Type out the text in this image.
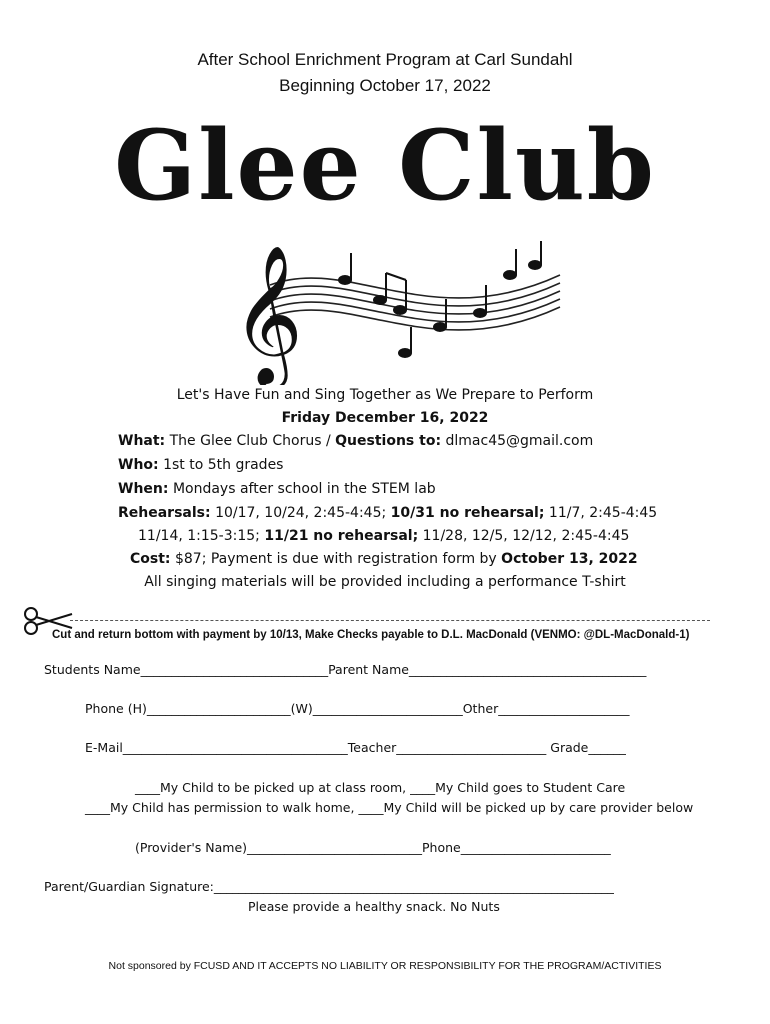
After School Enrichment Program at Carl Sundahl
Beginning October 17, 2022
Glee Club
𝄞
Let's Have Fun and Sing Together as We Prepare to Perform
Friday December 16, 2022
What: The Glee Club Chorus / Questions to: dlmac45@gmail.com
Who: 1st to 5th grades
When: Mondays after school in the STEM lab
Rehearsals: 10/17, 10/24, 2:45-4:45; 10/31 no rehearsal; 11/7, 2:45-4:45
11/14, 1:15-3:15; 11/21 no rehearsal; 11/28, 12/5, 12/12, 2:45-4:45
Cost: $87; Payment is due with registration form by October 13, 2022
All singing materials will be provided including a performance T-shirt
Cut and return bottom with payment by 10/13, Make Checks payable to D.L. MacDonald (VENMO: @DL-MacDonald-1)
Students Name______________________________Parent Name______________________________________
Phone (H)_______________________(W)________________________Other_____________________
E-Mail____________________________________Teacher________________________ Grade______
____My Child to be picked up at class room, ____My Child goes to Student Care
____My Child has permission to walk home, ____My Child will be picked up by care provider below
(Provider's Name)____________________________Phone________________________
Parent/Guardian Signature:________________________________________________________________
Please provide a healthy snack. No Nuts
Not sponsored by FCUSD AND IT ACCEPTS NO LIABILITY OR RESPONSIBILITY FOR THE PROGRAM/ACTIVITIES
